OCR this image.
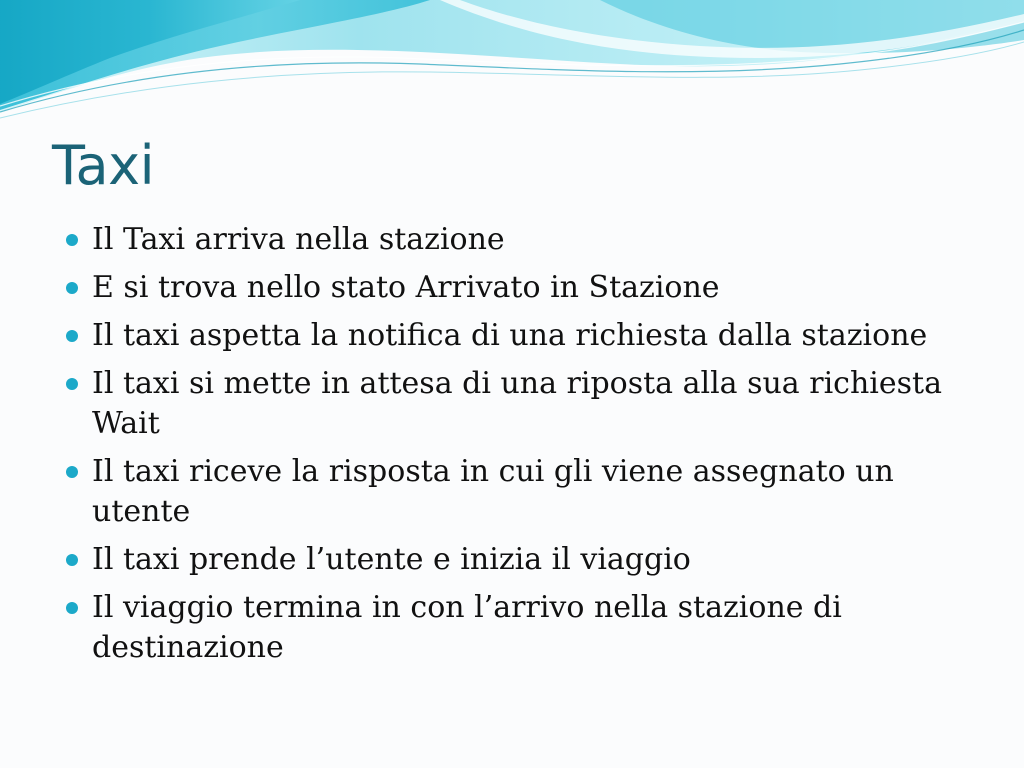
Taxi
Il Taxi arriva nella stazione
E si trova nello stato Arrivato in Stazione
Il taxi aspetta la notifica di una richiesta dalla stazione
Il taxi si mette in attesa di una riposta alla sua richiesta Wait
Il taxi riceve la risposta in cui gli viene assegnato un utente
Il taxi prende l’utente e inizia il viaggio
Il viaggio termina in con l’arrivo nella stazione di destinazione
